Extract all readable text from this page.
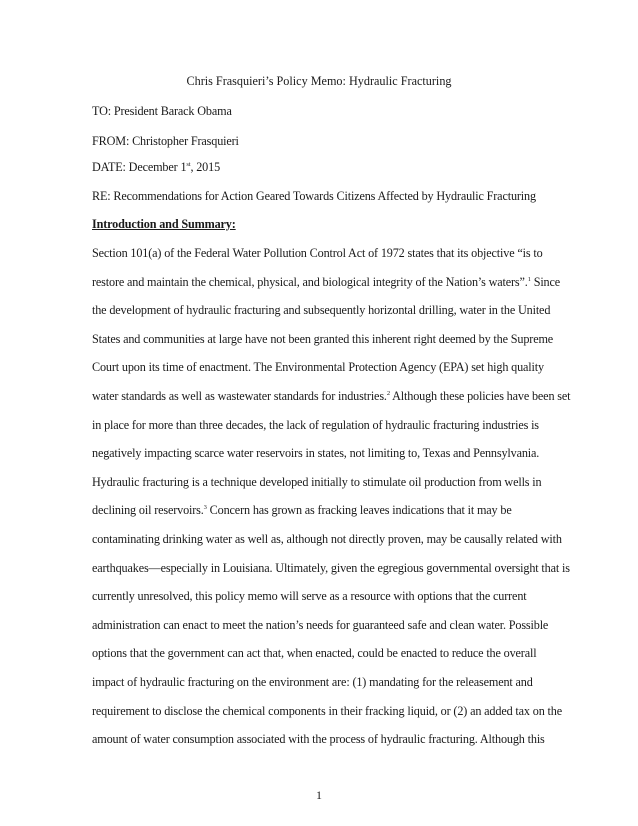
Chris Frasquieri’s Policy Memo: Hydraulic Fracturing
TO: President Barack Obama
FROM: Christopher Frasquieri
DATE: December 1st, 2015
RE: Recommendations for Action Geared Towards Citizens Affected by Hydraulic Fracturing
Introduction and Summary:
Section 101(a) of the Federal Water Pollution Control Act of 1972 states that its objective “is to
restore and maintain the chemical, physical, and biological integrity of the Nation’s waters”.$^1$ Since
the development of hydraulic fracturing and subsequently horizontal drilling, water in the United
States and communities at large have not been granted this inherent right deemed by the Supreme
Court upon its time of enactment. The Environmental Protection Agency (EPA) set high quality
water standards as well as wastewater standards for industries.$^2$ Although these policies have been set
in place for more than three decades, the lack of regulation of hydraulic fracturing industries is
negatively impacting scarce water reservoirs in states, not limiting to, Texas and Pennsylvania.
Hydraulic fracturing is a technique developed initially to stimulate oil production from wells in
declining oil reservoirs.$^3$ Concern has grown as fracking leaves indications that it may be
contaminating drinking water as well as, although not directly proven, may be causally related with
earthquakes—especially in Louisiana. Ultimately, given the egregious governmental oversight that is
currently unresolved, this policy memo will serve as a resource with options that the current
administration can enact to meet the nation’s needs for guaranteed safe and clean water. Possible
options that the government can act that, when enacted, could be enacted to reduce the overall
impact of hydraulic fracturing on the environment are: (1) mandating for the releasement and
requirement to disclose the chemical components in their fracking liquid, or (2) an added tax on the
amount of water consumption associated with the process of hydraulic fracturing. Although this
1
